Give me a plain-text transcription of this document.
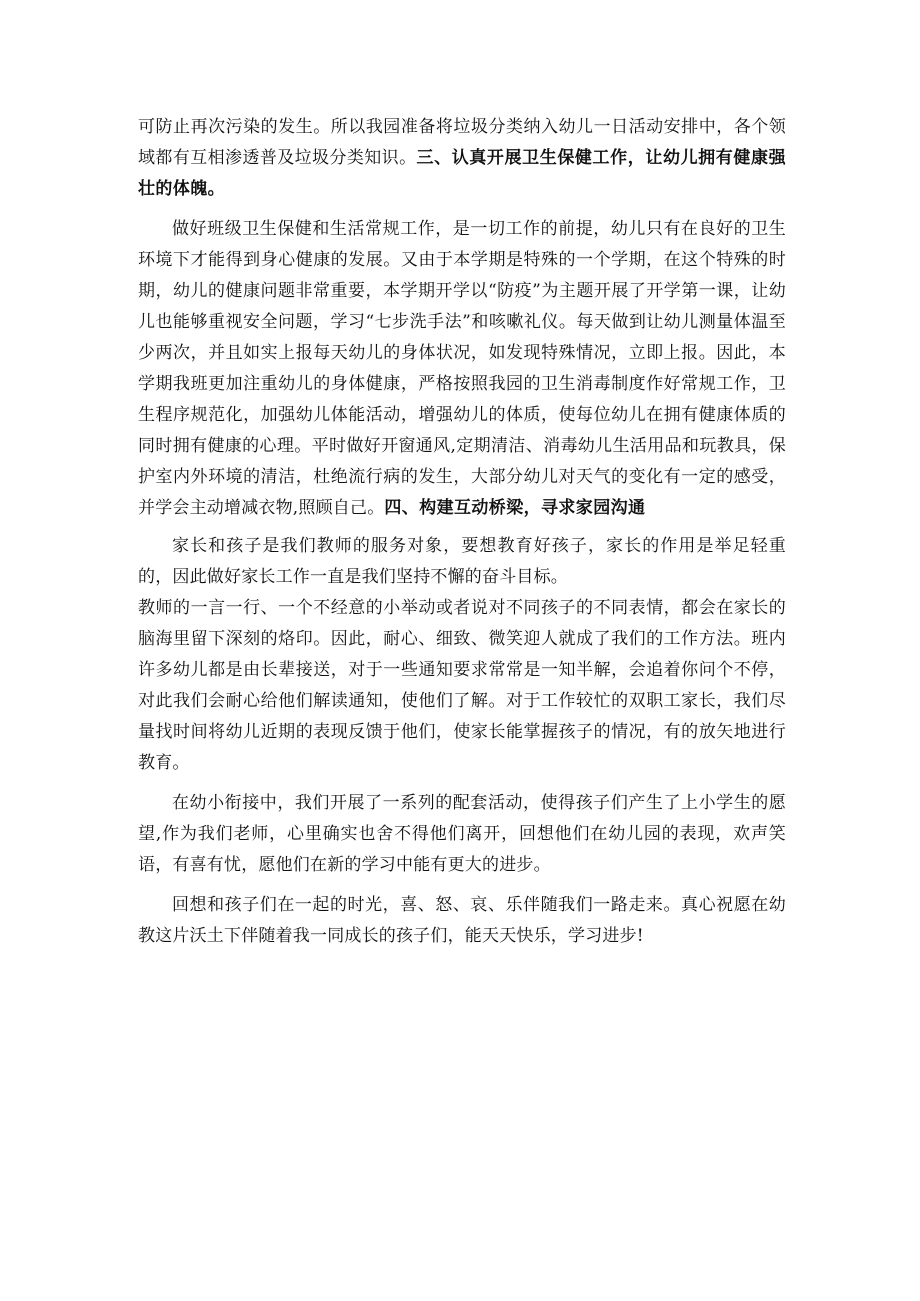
可防止再次污染的发生。所以我园准备将垃圾分类纳入幼儿一日活动安排中，各个领域都有互相渗透普及垃圾分类知识。三、认真开展卫生保健工作，让幼儿拥有健康强壮的体魄。

做好班级卫生保健和生活常规工作，是一切工作的前提，幼儿只有在良好的卫生环境下才能得到身心健康的发展。又由于本学期是特殊的一个学期，在这个特殊的时期，幼儿的健康问题非常重要，本学期开学以“防疫”为主题开展了开学第一课，让幼儿也能够重视安全问题，学习“七步洗手法”和咳嗽礼仪。每天做到让幼儿测量体温至少两次，并且如实上报每天幼儿的身体状况，如发现特殊情况，立即上报。因此，本学期我班更加注重幼儿的身体健康，严格按照我园的卫生消毒制度作好常规工作，卫生程序规范化，加强幼儿体能活动，增强幼儿的体质，使每位幼儿在拥有健康体质的同时拥有健康的心理。平时做好开窗通风,定期清洁、消毒幼儿生活用品和玩教具，保护室内外环境的清洁，杜绝流行病的发生，大部分幼儿对天气的变化有一定的感受，并学会主动增减衣物,照顾自己。四、构建互动桥梁，寻求家园沟通

家长和孩子是我们教师的服务对象，要想教育好孩子，家长的作用是举足轻重的，因此做好家长工作一直是我们坚持不懈的奋斗目标。

教师的一言一行、一个不经意的小举动或者说对不同孩子的不同表情，都会在家长的脑海里留下深刻的烙印。因此，耐心、细致、微笑迎人就成了我们的工作方法。班内许多幼儿都是由长辈接送，对于一些通知要求常常是一知半解，会追着你问个不停，对此我们会耐心给他们解读通知，使他们了解。对于工作较忙的双职工家长，我们尽量找时间将幼儿近期的表现反馈于他们，使家长能掌握孩子的情况，有的放矢地进行教育。

在幼小衔接中，我们开展了一系列的配套活动，使得孩子们产生了上小学生的愿望,作为我们老师，心里确实也舍不得他们离开，回想他们在幼儿园的表现，欢声笑语，有喜有忧，愿他们在新的学习中能有更大的进步。

回想和孩子们在一起的时光，喜、怒、哀、乐伴随我们一路走来。真心祝愿在幼教这片沃土下伴随着我一同成长的孩子们，能天天快乐，学习进步!
